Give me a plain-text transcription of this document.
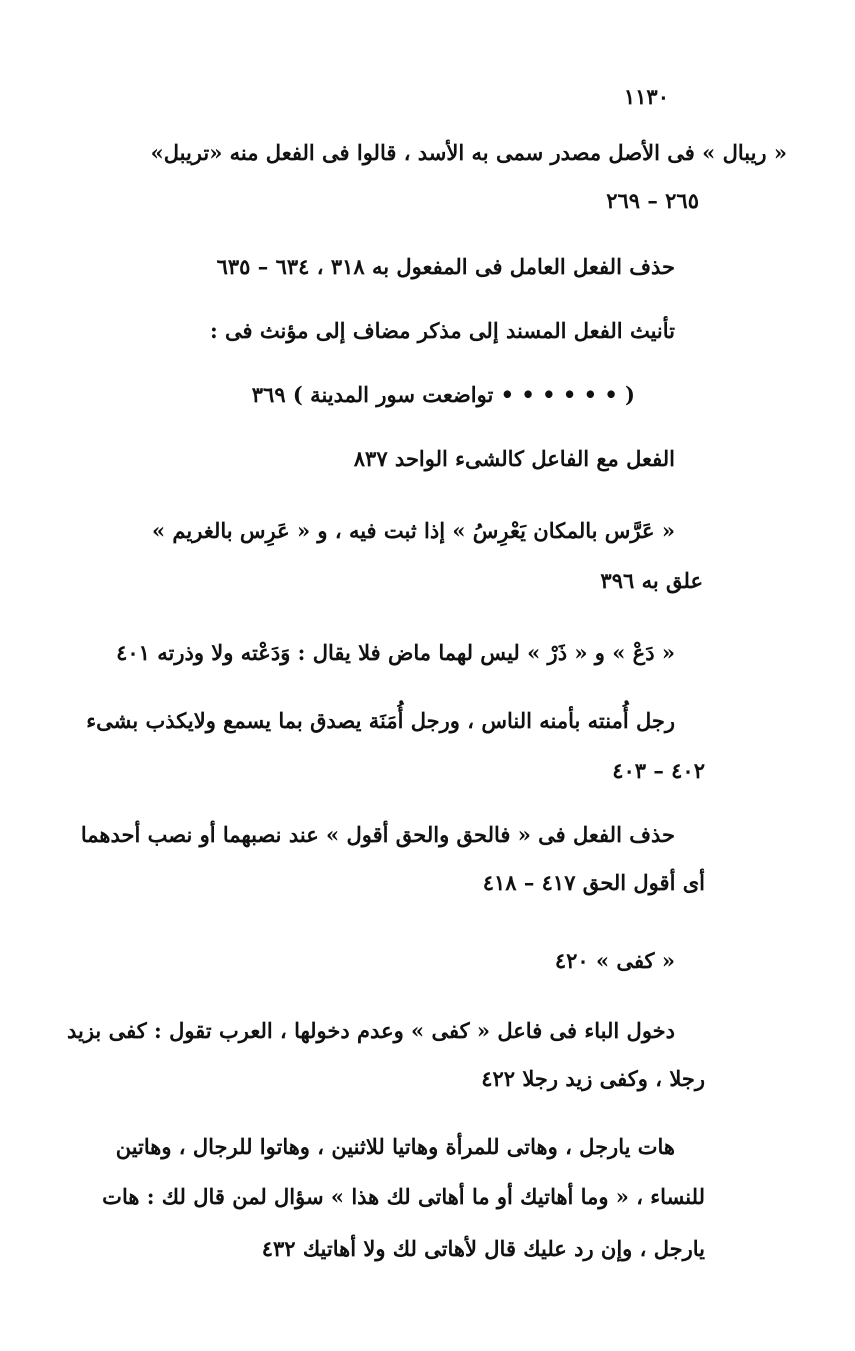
١١٣٠
« ريبال » فى الأصل مصدر سمى به الأسد ، قالوا فى الفعل منه «تريبل»
٢٦٥ – ٢٦٩
حذف الفعل العامل فى المفعول به ٣١٨ ، ٦٣٤ – ٦٣٥
تأنيث الفعل المسند إلى مذكر مضاف إلى مؤنث فى :
( • • • • • • تواضعت سور المدينة ) ٣٦٩
الفعل مع الفاعل كالشىء الواحد ٨٣٧
« عَرَّس بالمكان يَعْرِسُ » إذا ثبت فيه ، و « عَرِس بالغريم »
علق به ٣٩٦
« دَعْ » و « ذَرْ » ليس لهما ماض فلا يقال : وَدَعْته ولا وذرته ٤٠١
رجل أُمنته بأمنه الناس ، ورجل أُمَنَة يصدق بما يسمع ولايكذب بشىء
٤٠٢ – ٤٠٣
حذف الفعل فى « فالحق والحق أقول » عند نصبهما أو نصب أحدهما
أى أقول الحق ٤١٧ – ٤١٨
« كفى » ٤٢٠
دخول الباء فى فاعل « كفى » وعدم دخولها ، العرب تقول : كفى بزيد
رجلا ، وكفى زيد رجلا ٤٢٢
هات يارجل ، وهاتى للمرأة وهاتيا للاثنين ، وهاتوا للرجال ، وهاتين
للنساء ، « وما أهاتيك أو ما أهاتى لك هذا » سؤال لمن قال لك : هات
يارجل ، وإن رد عليك قال لأهاتى لك ولا أهاتيك ٤٣٢
